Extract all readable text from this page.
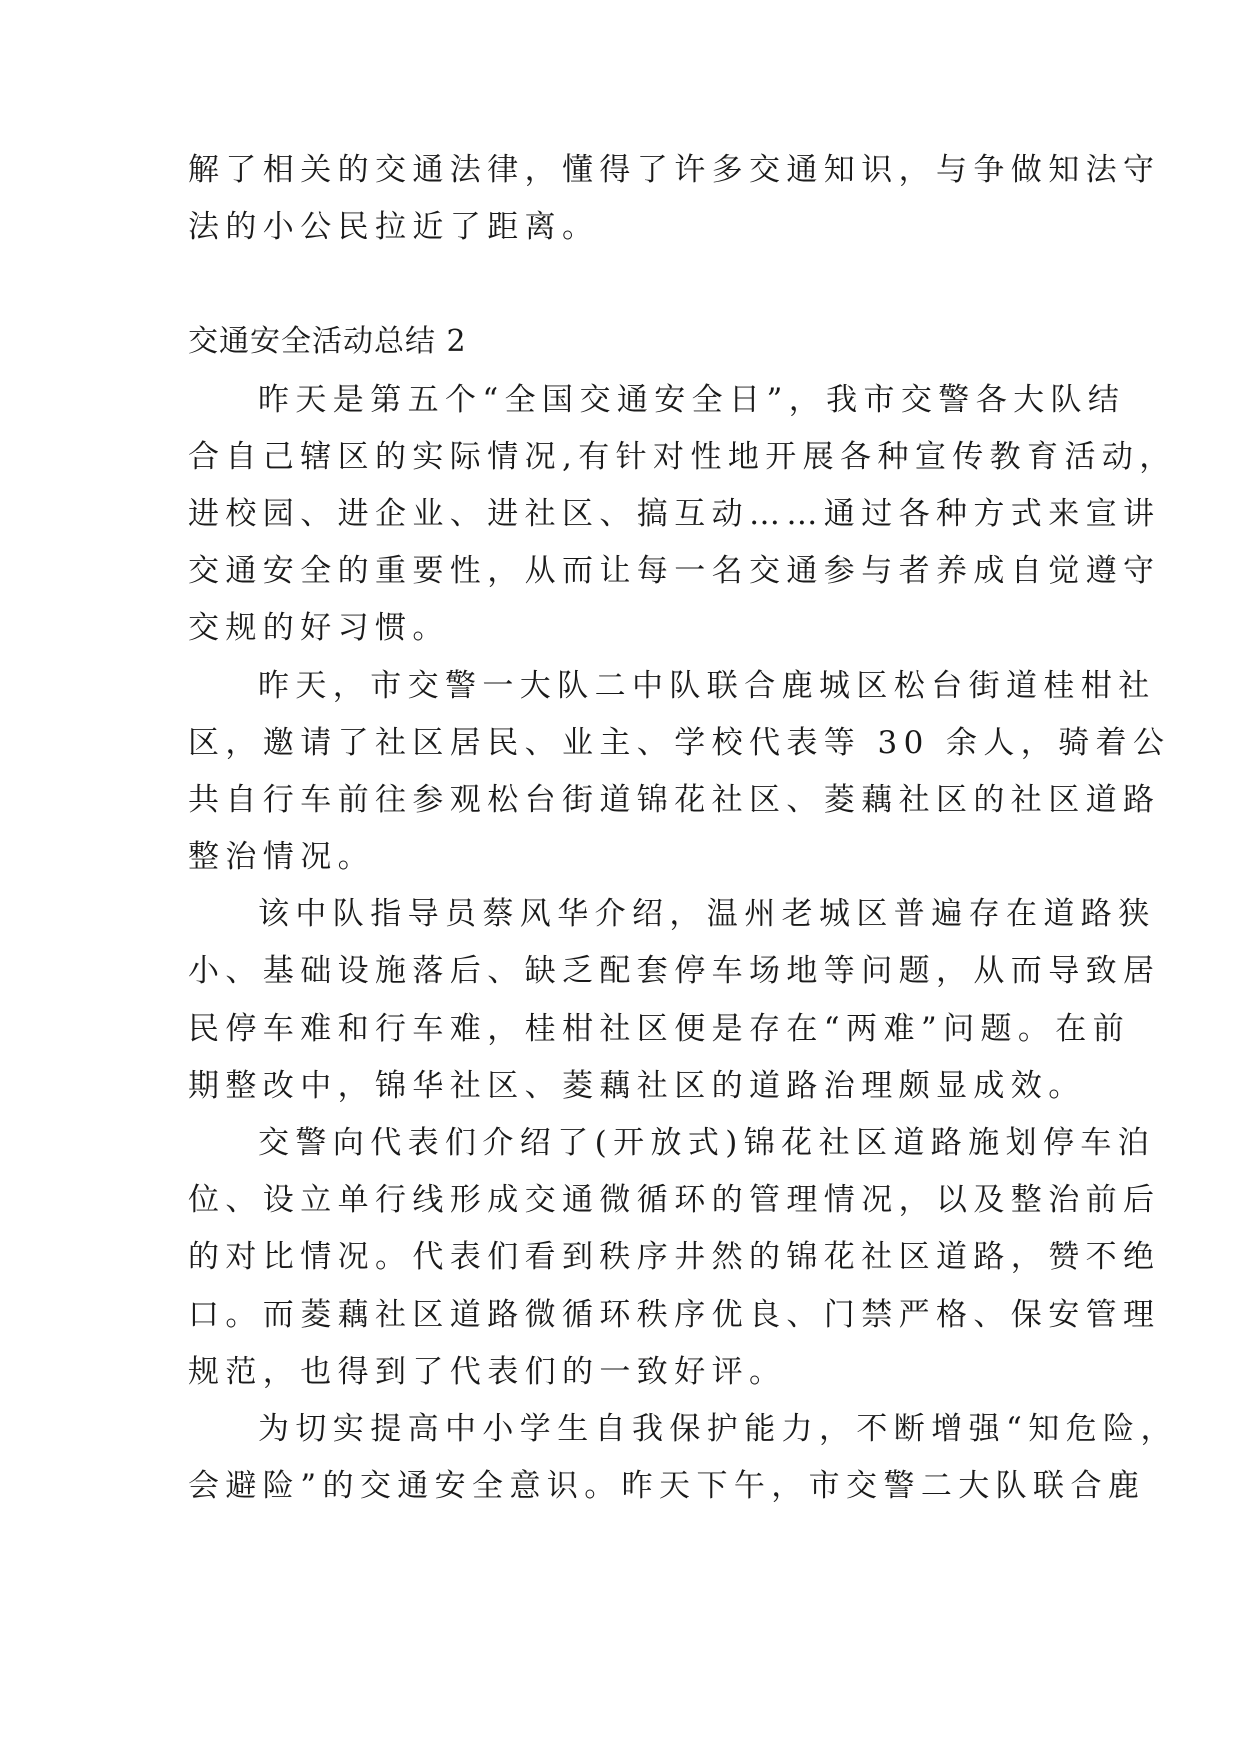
解了相关的交通法律，懂得了许多交通知识，与争做知法守
法的小公民拉近了距离。
交通安全活动总结 2
昨天是第五个“全国交通安全日”，我市交警各大队结
合自己辖区的实际情况,有针对性地开展各种宣传教育活动，
进校园、进企业、进社区、搞互动……通过各种方式来宣讲
交通安全的重要性，从而让每一名交通参与者养成自觉遵守
交规的好习惯。
昨天，市交警一大队二中队联合鹿城区松台街道桂柑社
区，邀请了社区居民、业主、学校代表等 30 余人，骑着公
共自行车前往参观松台街道锦花社区、菱藕社区的社区道路
整治情况。
该中队指导员蔡风华介绍，温州老城区普遍存在道路狭
小、基础设施落后、缺乏配套停车场地等问题，从而导致居
民停车难和行车难，桂柑社区便是存在“两难”问题。在前
期整改中，锦华社区、菱藕社区的道路治理颇显成效。
交警向代表们介绍了(开放式)锦花社区道路施划停车泊
位、设立单行线形成交通微循环的管理情况，以及整治前后
的对比情况。代表们看到秩序井然的锦花社区道路，赞不绝
口。而菱藕社区道路微循环秩序优良、门禁严格、保安管理
规范，也得到了代表们的一致好评。
为切实提高中小学生自我保护能力，不断增强“知危险，
会避险”的交通安全意识。昨天下午，市交警二大队联合鹿
